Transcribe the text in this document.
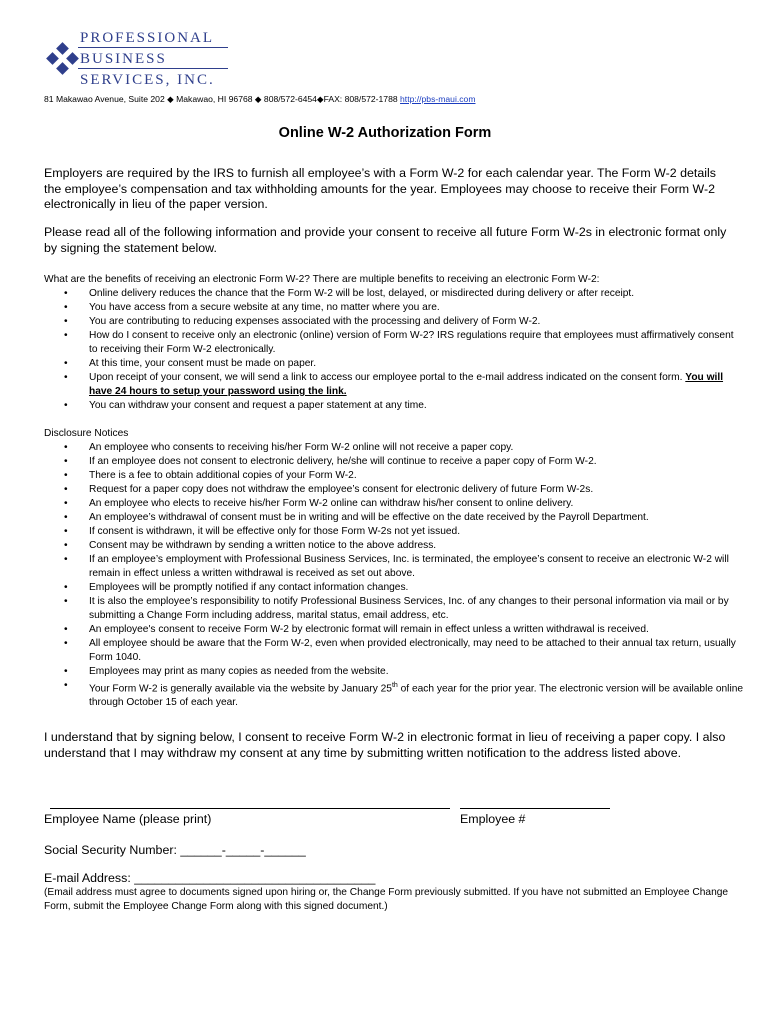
PROFESSIONAL
BUSINESS
SERVICES, INC.
81 Makawao Avenue, Suite 202 ◆ Makawao, HI 96768 ◆ 808/572-6454◆FAX: 808/572-1788 http://pbs-maui.com
Online W-2 Authorization Form
Employers are required by the IRS to furnish all employee’s with a Form W-2 for each calendar year. The Form W-2 details the employee’s compensation and tax withholding amounts for the year. Employees may choose to receive their Form W-2 electronically in lieu of the paper version.
Please read all of the following information and provide your consent to receive all future Form W-2s in electronic format only by signing the statement below.
What are the benefits of receiving an electronic Form W-2? There are multiple benefits to receiving an electronic Form W-2:
• Online delivery reduces the chance that the Form W-2 will be lost, delayed, or misdirected during delivery or after receipt.
• You have access from a secure website at any time, no matter where you are.
• You are contributing to reducing expenses associated with the processing and delivery of Form W-2.
• How do I consent to receive only an electronic (online) version of Form W-2? IRS regulations require that employees must affirmatively consent to receiving their Form W-2 electronically.
• At this time, your consent must be made on paper.
• Upon receipt of your consent, we will send a link to access our employee portal to the e-mail address indicated on the consent form. You will have 24 hours to setup your password using the link.
• You can withdraw your consent and request a paper statement at any time.
Disclosure Notices
• An employee who consents to receiving his/her Form W-2 online will not receive a paper copy.
• If an employee does not consent to electronic delivery, he/she will continue to receive a paper copy of Form W-2.
• There is a fee to obtain additional copies of your Form W-2.
• Request for a paper copy does not withdraw the employee’s consent for electronic delivery of future Form W-2s.
• An employee who elects to receive his/her Form W-2 online can withdraw his/her consent to online delivery.
• An employee’s withdrawal of consent must be in writing and will be effective on the date received by the Payroll Department.
• If consent is withdrawn, it will be effective only for those Form W-2s not yet issued.
• Consent may be withdrawn by sending a written notice to the above address.
• If an employee’s employment with Professional Business Services, Inc. is terminated, the employee’s consent to receive an electronic W-2 will remain in effect unless a written withdrawal is received as set out above.
• Employees will be promptly notified if any contact information changes.
• It is also the employee’s responsibility to notify Professional Business Services, Inc. of any changes to their personal information via mail or by submitting a Change Form including address, marital status, email address, etc.
• An employee's consent to receive Form W-2 by electronic format will remain in effect unless a written withdrawal is received.
• All employee should be aware that the Form W-2, even when provided electronically, may need to be attached to their annual tax return, usually Form 1040.
• Employees may print as many copies as needed from the website.
• Your Form W-2 is generally available via the website by January 25th of each year for the prior year. The electronic version will be available online through October 15 of each year.
I understand that by signing below, I consent to receive Form W-2 in electronic format in lieu of receiving a paper copy. I also understand that I may withdraw my consent at any time by submitting written notification to the address listed above.
Employee Name (please print)	Employee #
Social Security Number: ______-_____-______
E-mail Address: ___________________________________
(Email address must agree to documents signed upon hiring or, the Change Form previously submitted. If you have not submitted an Employee Change Form, submit the Employee Change Form along with this signed document.)
